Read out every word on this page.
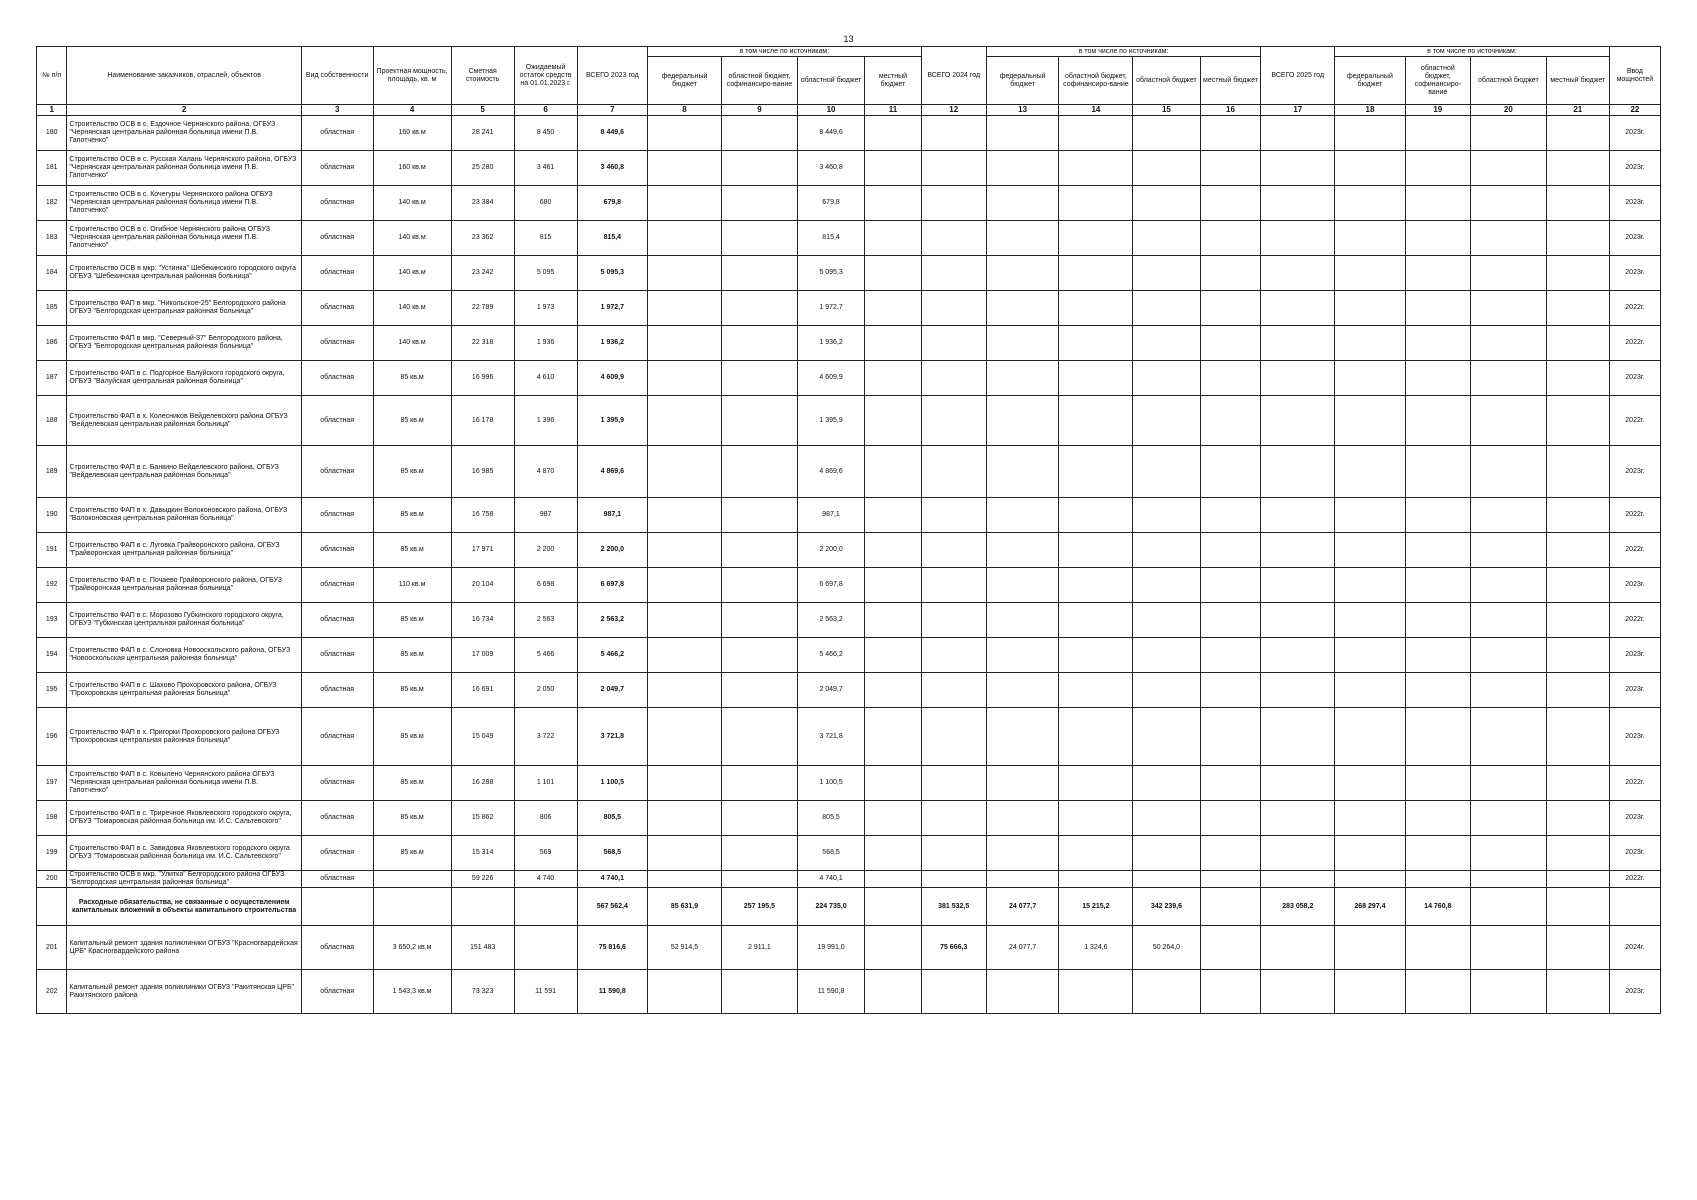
13
№ п/п	Наименование заказчиков, отраслей, объектов	Вид собственности	Проектная мощность, площадь, кв. м	Сметная стоимость	Ожидаемый остаток средств на 01.01.2023 г.	ВСЕГО 2023 год	в том числе по источникам:				ВСЕГО 2024 год	в том числе по источникам:				ВСЕГО 2025 год	в том числе по источникам:				Ввод мощностей
							федеральный бюджет	областной бюджет, софинансиро-вание	областной бюджет	местный бюджет		федеральный бюджет	областной бюджет, софинансиро-вание	областной бюджет	местный бюджет		федеральный бюджет	областной бюджет, софинансиро-вание	областной бюджет	местный бюджет	
1	2	3	4	5	6	7	8	9	10	11	12	13	14	15	16	17	18	19	20	21	22
180	Строительство ОСВ в с. Ездочное Чернянского района, ОГБУЗ "Чернянская центральная районная больница имени П.В. Гапотченко"	областная	160 кв.м	28 241	8 450	8 449,6			8 449,6												2023г.
181	Строительство ОСВ в с. Русская Халань Чернянского района, ОГБУЗ "Чернянская центральная районная больница имени П.В. Гапотченко"	областная	160 кв.м	25 280	3 461	3 460,8			3 460,8												2023г.
182	Строительство ОСВ в с. Кочегуры Чернянского района ОГБУЗ "Чернянская центральная районная больница имени П.В. Гапотченко"	областная	140 кв.м	23 384	680	679,8			679,8												2023г.
183	Строительство ОСВ в с. Огибное Чернянского района ОГБУЗ "Чернянская центральная районная больница имени П.В. Гапотченко"	областная	140 кв.м	23 362	815	815,4			815,4												2023г.
184	Строительство ОСВ в мкр. "Устинка" Шебекинского городского округа ОГБУЗ "Шебекинская центральная районная больница"	областная	140 кв.м	23 242	5 095	5 095,3			5 095,3												2023г.
185	Строительство ФАП в мкр. "Никольское-25" Белгородского района ОГБУЗ "Белгородская центральная районная больница"	областная	140 кв.м	22 789	1 973	1 972,7			1 972,7												2022г.
186	Строительство ФАП в мкр. "Северный-37" Белгородского района, ОГБУЗ "Белгородская центральная районная больница"	областная	140 кв.м	22 318	1 936	1 936,2			1 936,2												2022г.
187	Строительство ФАП в с. Подгорное Валуйского городского округа, ОГБУЗ "Валуйская центральная районная больница"	областная	85 кв.м	16 996	4 610	4 609,9			4 609,9												2023г.
188	Строительство ФАП в х. Колесников Вейделевского района ОГБУЗ "Вейделевская центральная районная больница"	областная	85 кв.м	16 178	1 396	1 395,9			1 395,9												2022г.
189	Строительство ФАП в с. Банкино Вейделевского района, ОГБУЗ "Вейделевская центральная районная больница"	областная	85 кв.м	16 985	4 870	4 869,6			4 869,6												2023г.
190	Строительство ФАП в х. Давыдкин Волоконовского района, ОГБУЗ "Волоконовская центральная районная больница"	областная	85 кв.м	16 758	987	987,1			987,1												2022г.
191	Строительство ФАП в с. Луговка Грайворонского района, ОГБУЗ "Грайворонская центральная районная больница"	областная	85 кв.м	17 971	2 200	2 200,0			2 200,0												2022г.
192	Строительство ФАП в с. Почаево Грайворонского района, ОГБУЗ "Грайворонская центральная районная больница"	областная	110 кв.м	20 104	6 698	6 697,8			6 697,8												2023г.
193	Строительство ФАП в с. Морозово Губкинского городского округа, ОГБУЗ "Губкинская центральная районная больница"	областная	85 кв.м	16 734	2 563	2 563,2			2 563,2												2022г.
194	Строительство ФАП в с. Слоновка Новооскольского района, ОГБУЗ "Новооскольская центральная районная больница"	областная	85 кв.м	17 009	5 466	5 466,2			5 466,2												2023г.
195	Строительство ФАП в с. Шахово Прохоровского района, ОГБУЗ "Прохоровская центральная районная больница"	областная	85 кв.м	16 691	2 050	2 049,7			2 049,7												2023г.
196	Строительство ФАП в х. Пригорки Прохоровского района ОГБУЗ "Прохоровская центральная районная больница"	областная	85 кв.м	15 049	3 722	3 721,8			3 721,8												2023г.
197	Строительство ФАП в с. Ковылено Чернянского района ОГБУЗ "Чернянская центральная районная больница имени П.В. Гапотченко"	областная	85 кв.м	16 288	1 101	1 100,5			1 100,5												2022г.
198	Строительство ФАП в с. Триречное Яковлевского городского округа, ОГБУЗ "Томаровская районная больница им. И.С. Сальтевского"	областная	85 кв.м	15 862	806	805,5			805,5												2023г.
199	Строительство ФАП в с. Завидовка Яковлевского городского округа ОГБУЗ "Томаровская районная больница им. И.С. Сальтевского"	областная	85 кв.м	15 314	569	568,5			568,5												2023г.
200	Строительство ОСВ в мкр. "Улитка" Белгородского района ОГБУЗ "Белгородская центральная районная больница"	областная		59 226	4 740	4 740,1			4 740,1												2022г.
	Расходные обязательства, не связанные с осуществлением капитальных вложений в объекты капитального строительства					567 562,4	85 631,9	257 195,5	224 735,0		381 532,5	24 077,7	15 215,2	342 239,6		283 058,2	268 297,4	14 760,8			
201	Капитальный ремонт здания поликлиники ОГБУЗ "Красногвардейская ЦРБ" Красногвардейского района	областная	3 650,2 кв.м	151 483		75 816,6	52 914,5	2 911,1	19 991,0		75 666,3	24 077,7	1 324,6	50 264,0							2024г.
202	Капитальный ремонт здания поликлиники ОГБУЗ "Ракитянская ЦРБ" Ракитянского района	областная	1 543,3 кв.м	73 323	11 591	11 590,8			11 590,8												2023г.
